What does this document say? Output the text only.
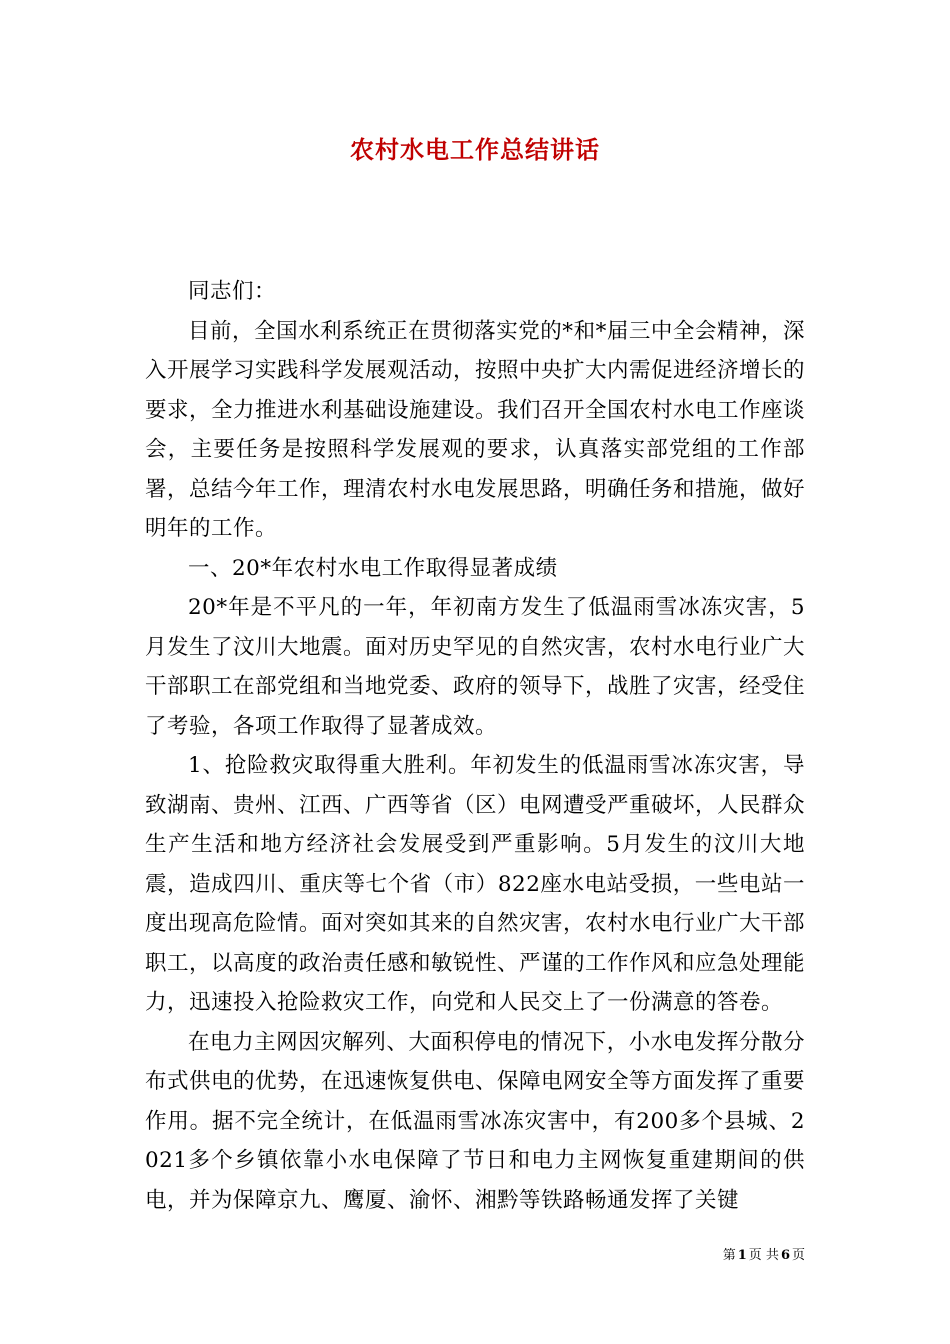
农村水电工作总结讲话

同志们：

目前，全国水利系统正在贯彻落实党的*和*届三中全会精神，深入开展学习实践科学发展观活动，按照中央扩大内需促进经济增长的要求，全力推进水利基础设施建设。我们召开全国农村水电工作座谈会，主要任务是按照科学发展观的要求，认真落实部党组的工作部署，总结今年工作，理清农村水电发展思路，明确任务和措施，做好明年的工作。

一、20*年农村水电工作取得显著成绩

20*年是不平凡的一年，年初南方发生了低温雨雪冰冻灾害，5月发生了汶川大地震。面对历史罕见的自然灾害，农村水电行业广大干部职工在部党组和当地党委、政府的领导下，战胜了灾害，经受住了考验，各项工作取得了显著成效。

1、抢险救灾取得重大胜利。年初发生的低温雨雪冰冻灾害，导致湖南、贵州、江西、广西等省（区）电网遭受严重破坏，人民群众生产生活和地方经济社会发展受到严重影响。5月发生的汶川大地震，造成四川、重庆等七个省（市）822座水电站受损，一些电站一度出现高危险情。面对突如其来的自然灾害，农村水电行业广大干部职工，以高度的政治责任感和敏锐性、严谨的工作作风和应急处理能力，迅速投入抢险救灾工作，向党和人民交上了一份满意的答卷。

在电力主网因灾解列、大面积停电的情况下，小水电发挥分散分布式供电的优势，在迅速恢复供电、保障电网安全等方面发挥了重要作用。据不完全统计，在低温雨雪冰冻灾害中，有200多个县城、2021多个乡镇依靠小水电保障了节日和电力主网恢复重建期间的供电，并为保障京九、鹰厦、渝怀、湘黔等铁路畅通发挥了关键

第 1 页 共 6 页
